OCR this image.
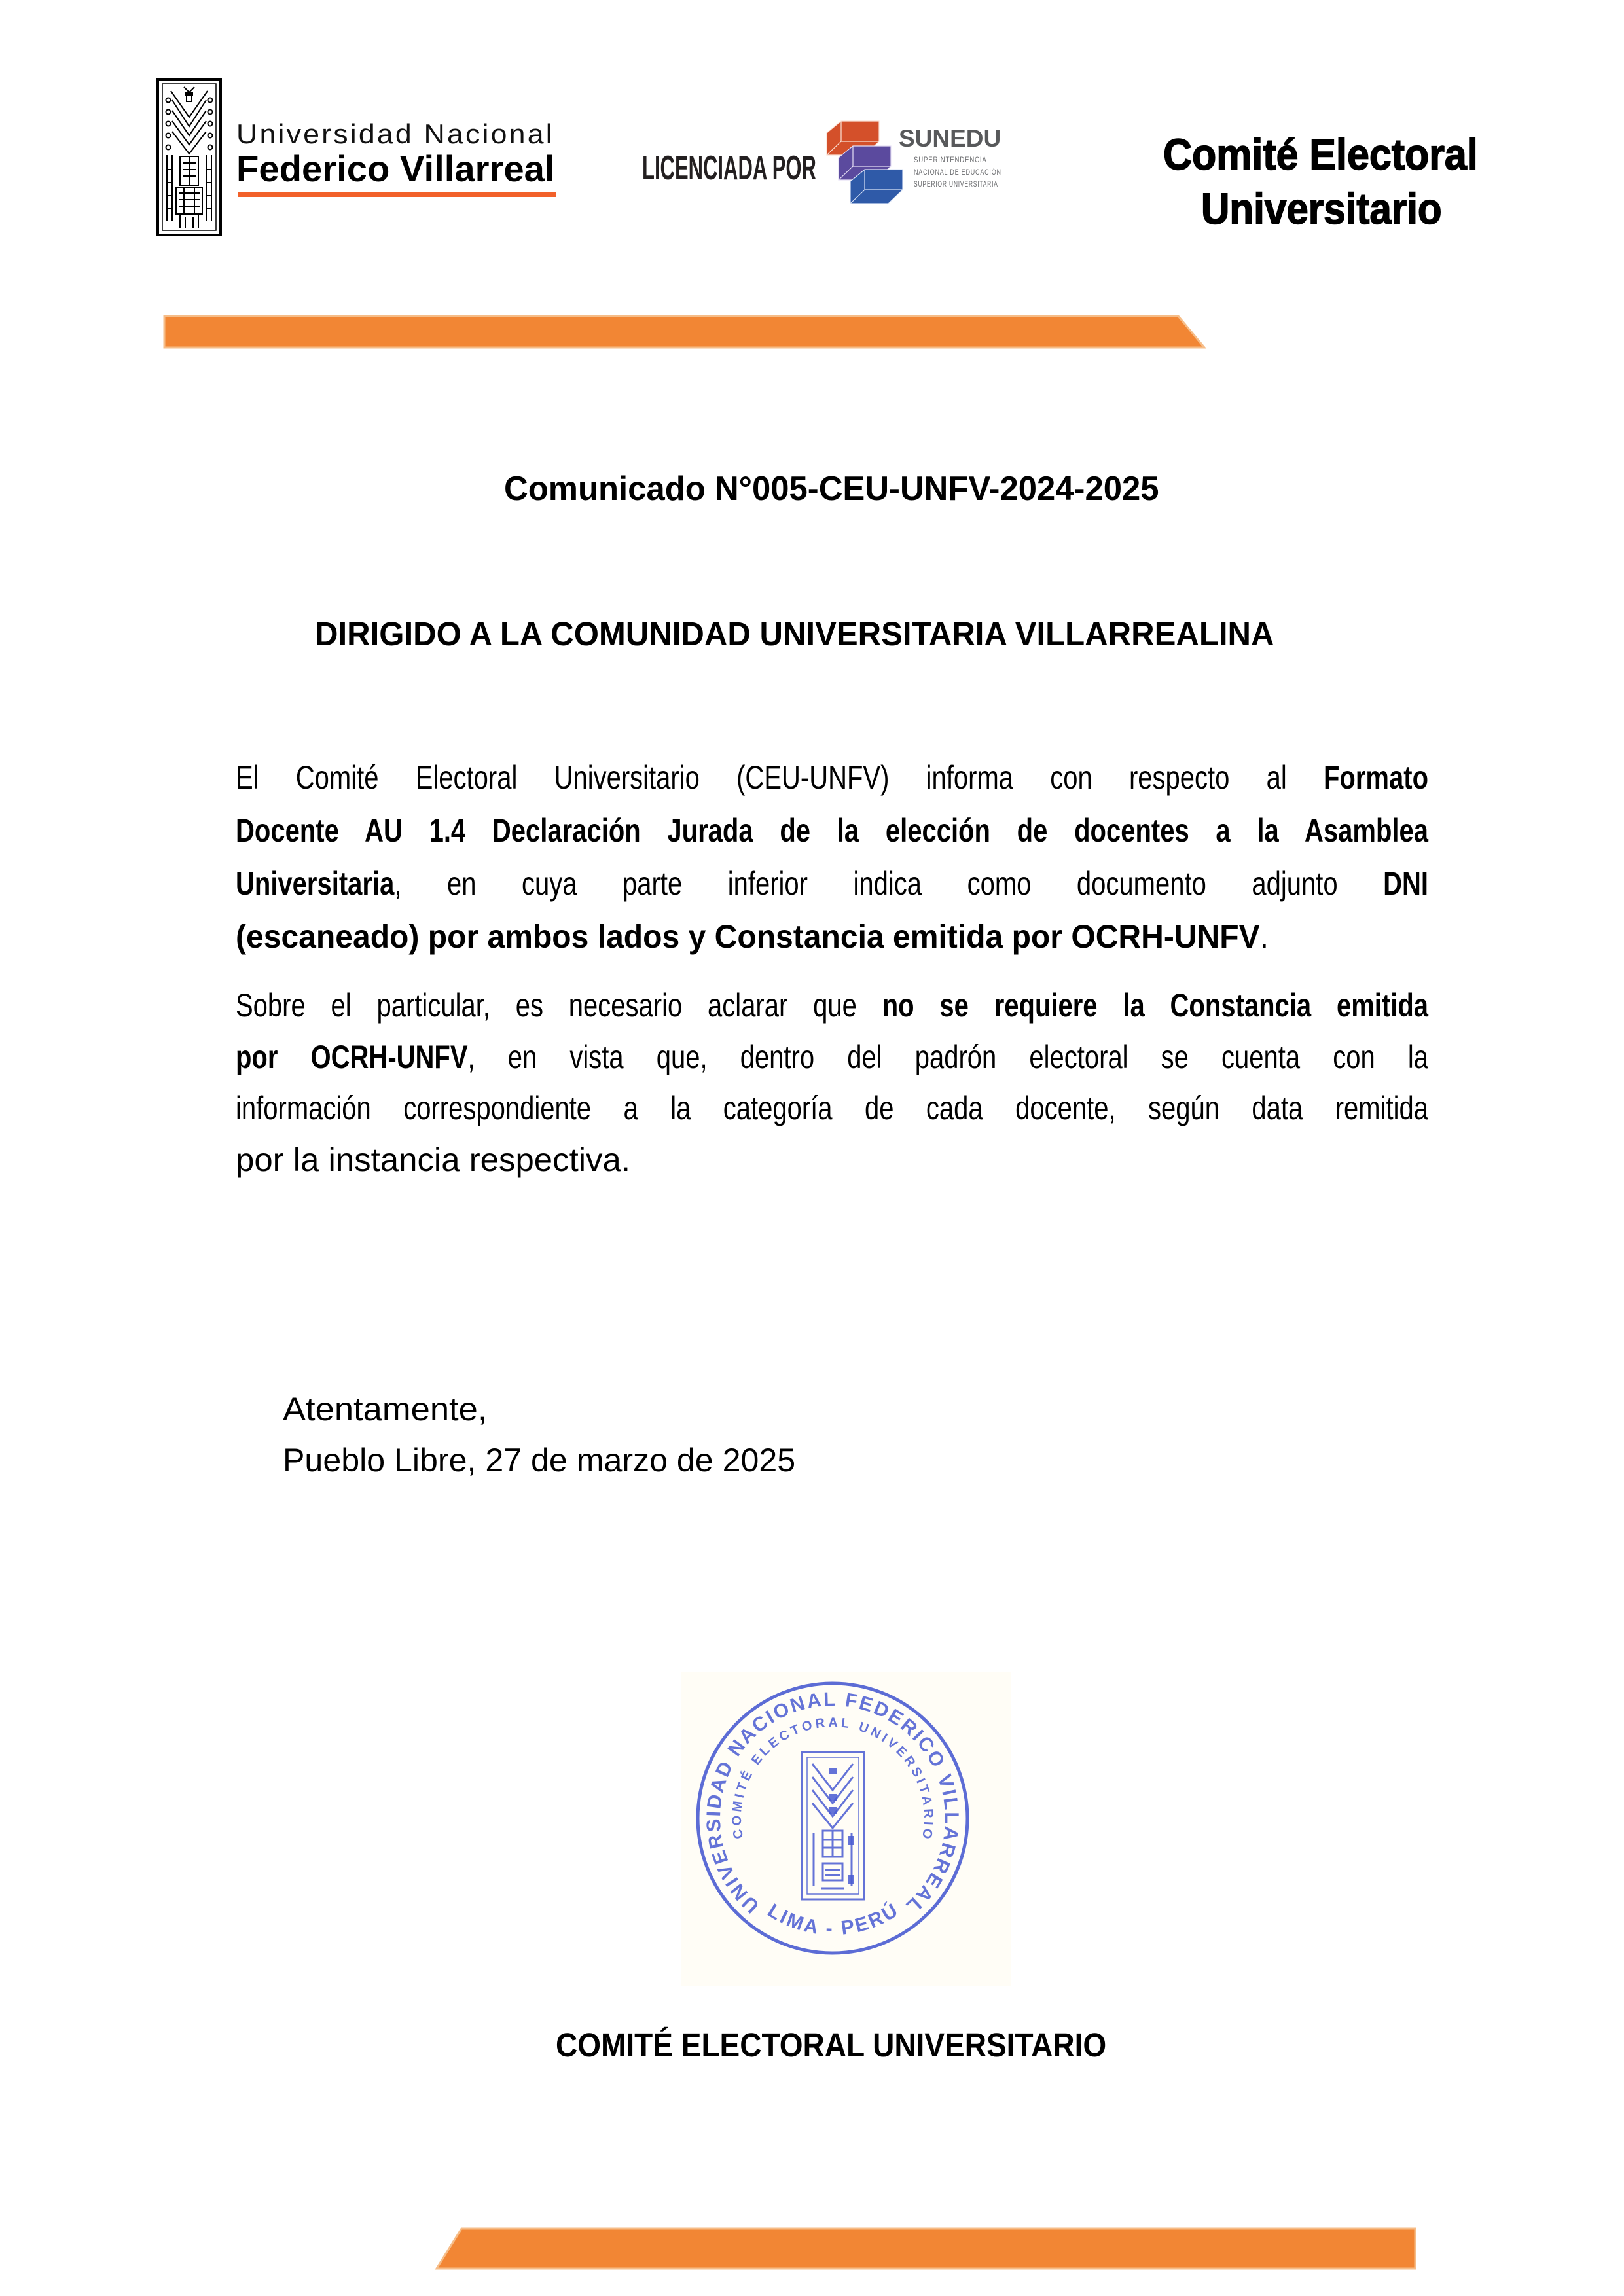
Universidad Nacional
Federico Villarreal	LICENCIADA POR
SUNEDU
SUPERINTENDENCIA
NACIONAL DE EDUCACIÓN
SUPERIOR UNIVERSITARIA
Comité Electoral
Universitario
Comunicado N°005-CEU-UNFV-2024-2025
DIRIGIDO A LA COMUNIDAD UNIVERSITARIA VILLARREALINA
El Comité Electoral Universitario (CEU-UNFV) informa con respecto al Formato
Docente AU 1.4 Declaración Jurada de la elección de docentes a la Asamblea
Universitaria, en cuya parte inferior indica como documento adjunto DNI
(escaneado) por ambos lados y Constancia emitida por OCRH-UNFV.
Sobre el particular, es necesario aclarar que no se requiere la Constancia emitida
por OCRH-UNFV, en vista que, dentro del padrón electoral se cuenta con la
información correspondiente a la categoría de cada docente, según data remitida
por la instancia respectiva.
Atentamente,
Pueblo Libre, 27 de marzo de 2025
UNIVERSIDAD NACIONAL FEDERICO VILLARREAL
COMITÉ ELECTORAL UNIVERSITARIO
LIMA - PERÚ
COMITÉ ELECTORAL UNIVERSITARIO
